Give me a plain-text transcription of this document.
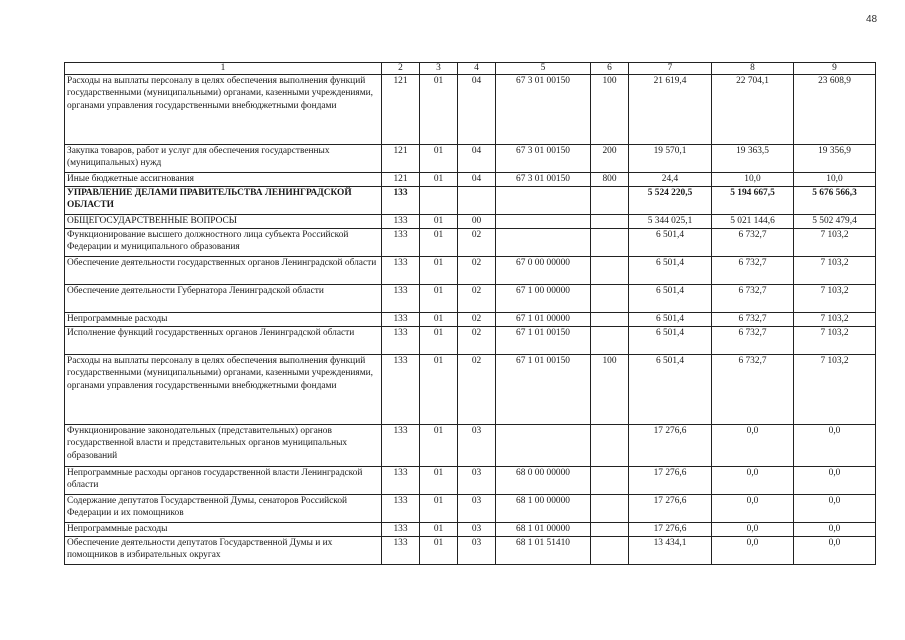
48
1	2	3	4	5	6	7	8	9
Расходы на выплаты персоналу в целях обеспечения выполнения функций государственными (муниципальными) органами, казенными учреждениями, органами управления государственными внебюджетными фондами	121	01	04	67 3 01 00150	100	21 619,4	22 704,1	23 608,9
Закупка товаров, работ и услуг для обеспечения государственных (муниципальных) нужд	121	01	04	67 3 01 00150	200	19 570,1	19 363,5	19 356,9
Иные бюджетные ассигнования	121	01	04	67 3 01 00150	800	24,4	10,0	10,0
УПРАВЛЕНИЕ ДЕЛАМИ ПРАВИТЕЛЬСТВА ЛЕНИНГРАДСКОЙ ОБЛАСТИ	133					5 524 220,5	5 194 667,5	5 676 566,3
ОБЩЕГОСУДАРСТВЕННЫЕ ВОПРОСЫ	133	01	00			5 344 025,1	5 021 144,6	5 502 479,4
Функционирование высшего должностного лица субъекта Российской Федерации и муниципального образования	133	01	02			6 501,4	6 732,7	7 103,2
Обеспечение деятельности государственных органов Ленинградской области	133	01	02	67 0 00 00000		6 501,4	6 732,7	7 103,2
Обеспечение деятельности Губернатора Ленинградской области	133	01	02	67 1 00 00000		6 501,4	6 732,7	7 103,2
Непрограммные расходы	133	01	02	67 1 01 00000		6 501,4	6 732,7	7 103,2
Исполнение функций государственных органов Ленинградской области	133	01	02	67 1 01 00150		6 501,4	6 732,7	7 103,2
Расходы на выплаты персоналу в целях обеспечения выполнения функций государственными (муниципальными) органами, казенными учреждениями, органами управления государственными внебюджетными фондами	133	01	02	67 1 01 00150	100	6 501,4	6 732,7	7 103,2
Функционирование законодательных (представительных) органов государственной власти и представительных органов муниципальных образований	133	01	03			17 276,6	0,0	0,0
Непрограммные расходы органов государственной власти Ленинградской области	133	01	03	68 0 00 00000		17 276,6	0,0	0,0
Содержание депутатов Государственной Думы, сенаторов Российской Федерации и их помощников	133	01	03	68 1 00 00000		17 276,6	0,0	0,0
Непрограммные расходы	133	01	03	68 1 01 00000		17 276,6	0,0	0,0
Обеспечение деятельности депутатов Государственной Думы и их помощников в избирательных округах	133	01	03	68 1 01 51410		13 434,1	0,0	0,0
